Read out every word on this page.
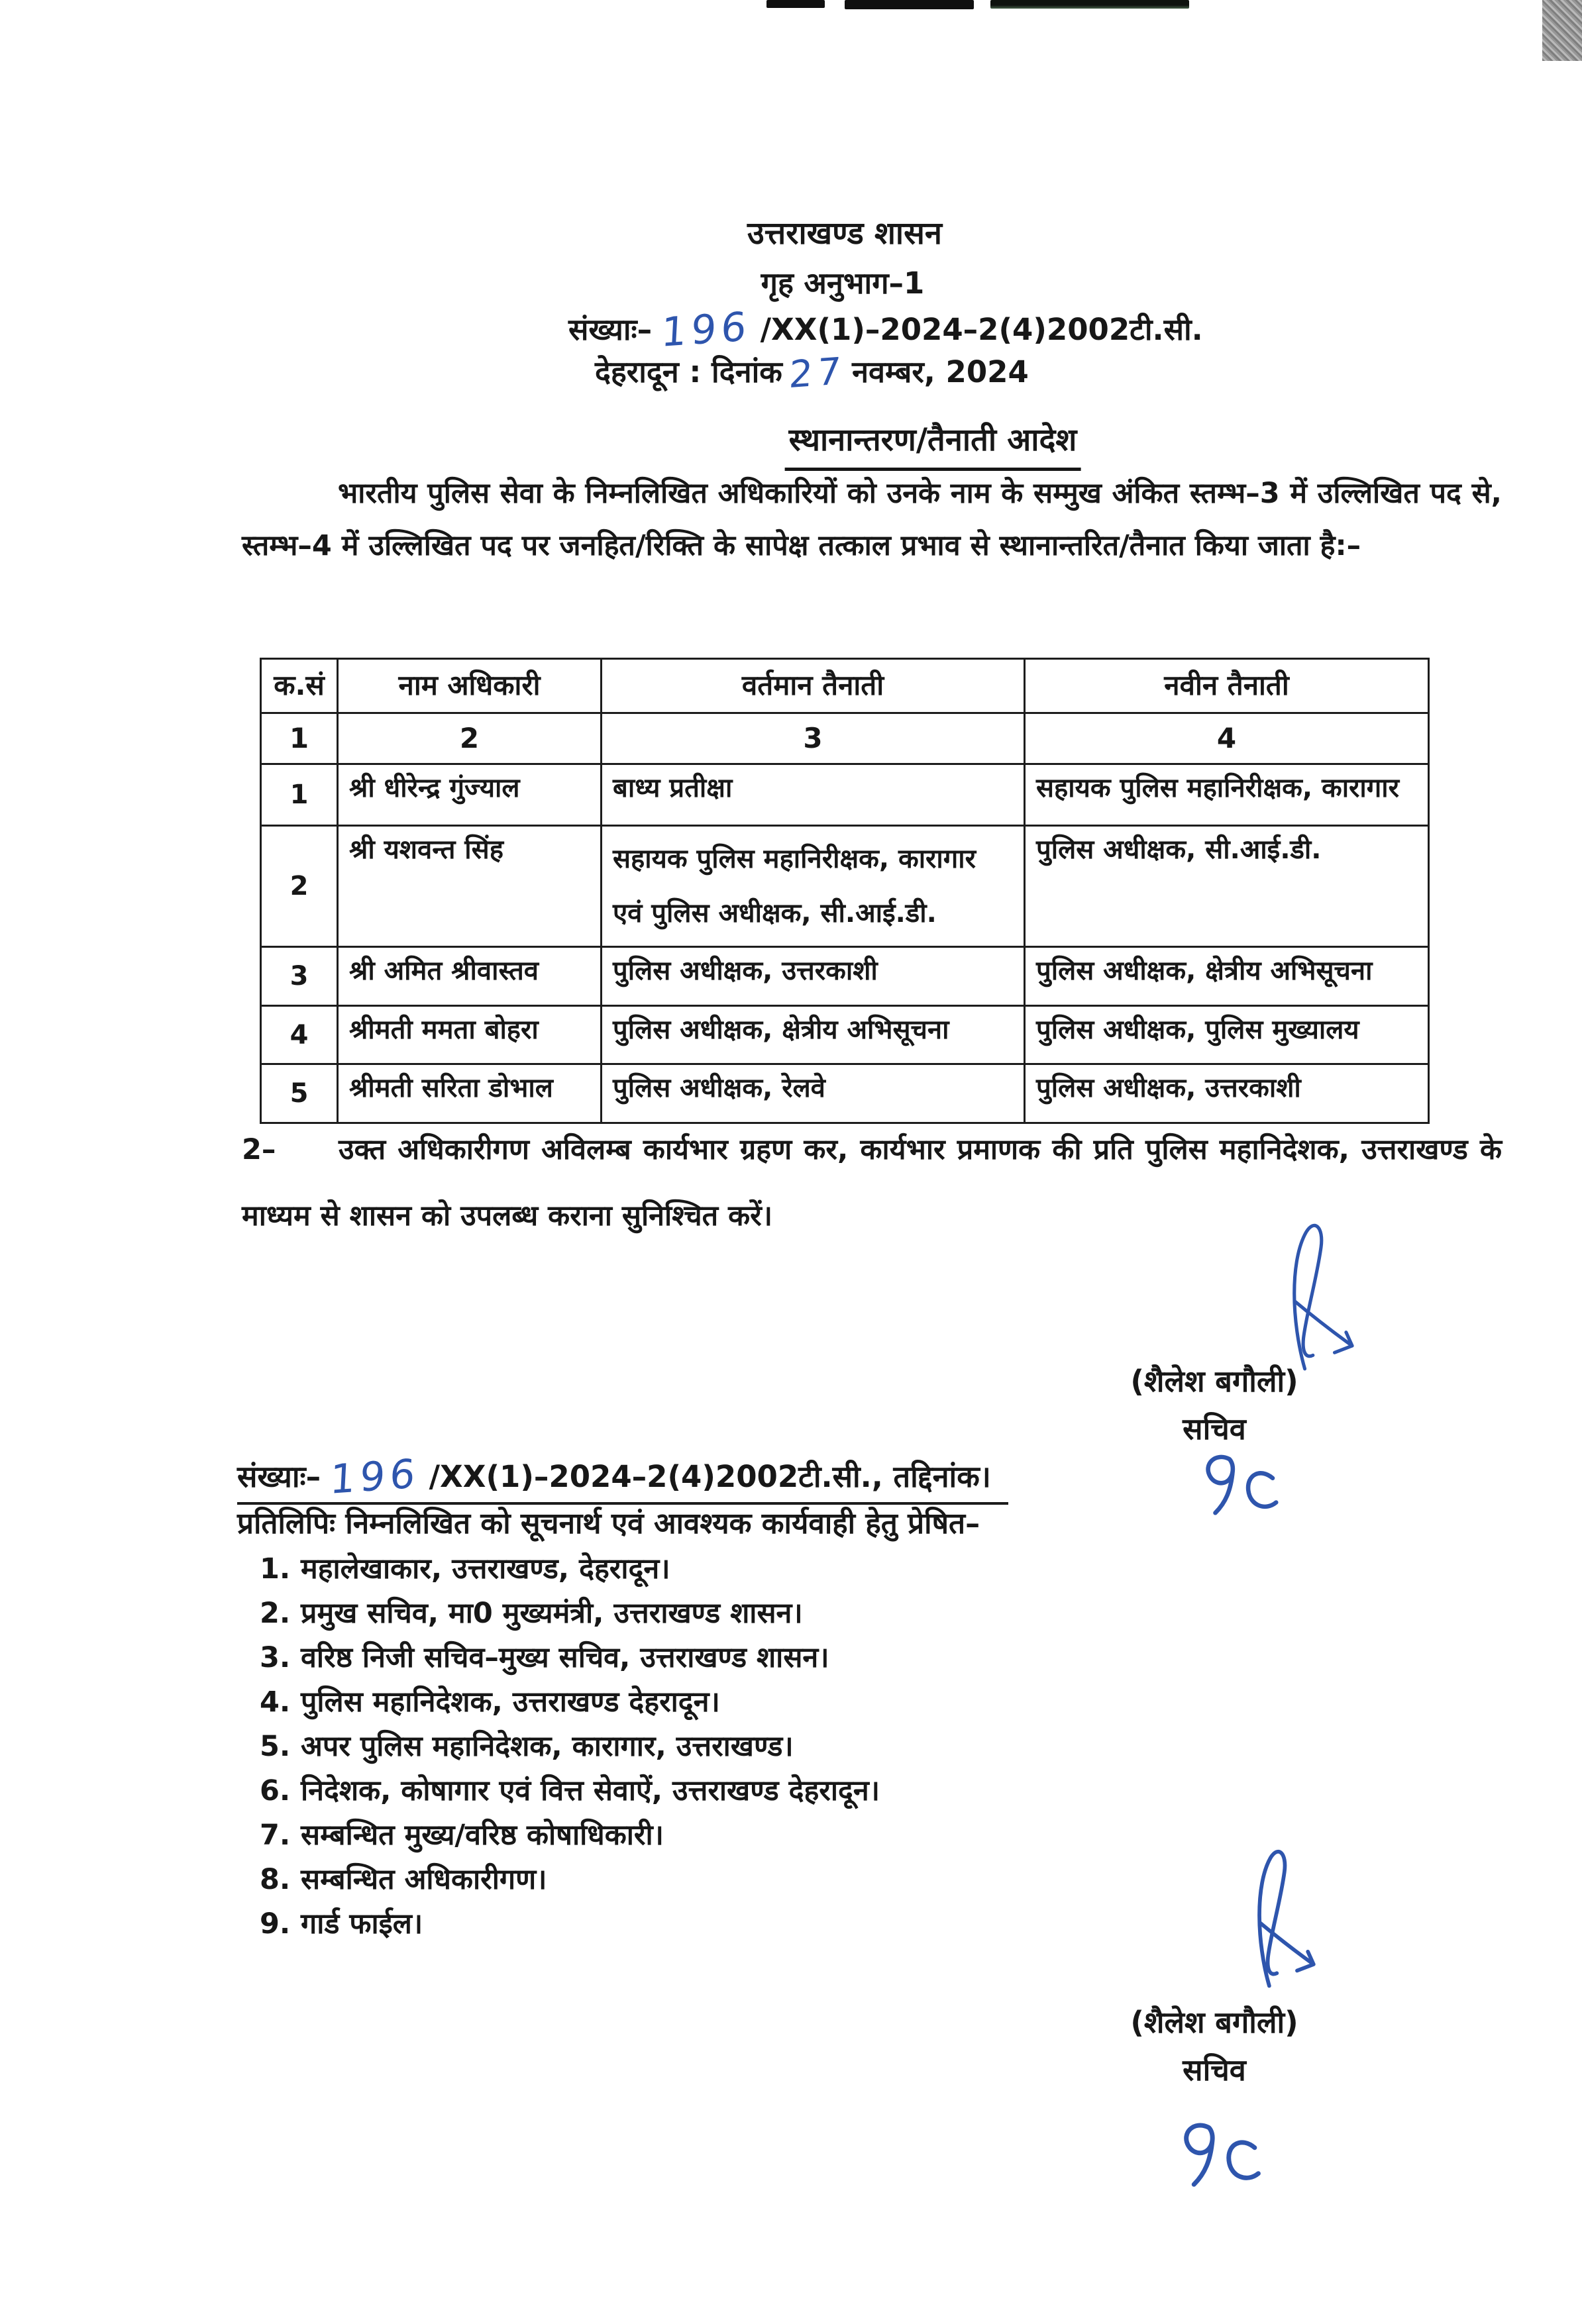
उत्तराखण्ड शासन
गृह अनुभाग–1
संख्याः– 196 /XX(1)–2024–2(4)2002टी.सी.
देहरादून : दिनांक 27 नवम्बर, 2024
स्थानान्तरण/तैनाती आदेश
भारतीय पुलिस सेवा के निम्नलिखित अधिकारियों को उनके नाम के सम्मुख अंकित स्तम्भ–3 में उल्लिखित पद से, स्तम्भ–4 में उल्लिखित पद पर जनहित/रिक्ति के सापेक्ष तत्काल प्रभाव से स्थानान्तरित/तैनात किया जाता है:–
क.सं	नाम अधिकारी	वर्तमान तैनाती	नवीन तैनाती
1	2	3	4
1	श्री धीरेन्द्र गुंज्याल	बाध्य प्रतीक्षा	सहायक पुलिस महानिरीक्षक, कारागार
2	श्री यशवन्त सिंह	सहायक पुलिस महानिरीक्षक, कारागार एवं पुलिस अधीक्षक, सी.आई.डी.	पुलिस अधीक्षक, सी.आई.डी.
3	श्री अमित श्रीवास्तव	पुलिस अधीक्षक, उत्तरकाशी	पुलिस अधीक्षक, क्षेत्रीय अभिसूचना
4	श्रीमती ममता बोहरा	पुलिस अधीक्षक, क्षेत्रीय अभिसूचना	पुलिस अधीक्षक, पुलिस मुख्यालय
5	श्रीमती सरिता डोभाल	पुलिस अधीक्षक, रेलवे	पुलिस अधीक्षक, उत्तरकाशी
2– उक्त अधिकारीगण अविलम्ब कार्यभार ग्रहण कर, कार्यभार प्रमाणक की प्रति पुलिस महानिदेशक, उत्तराखण्ड के माध्यम से शासन को उपलब्ध कराना सुनिश्चित करें।
(शैलेश बगौली)
सचिव
संख्याः– 196 /XX(1)–2024–2(4)2002टी.सी., तद्दिनांक।
प्रतिलिपिः निम्नलिखित को सूचनार्थ एवं आवश्यक कार्यवाही हेतु प्रेषित–
1. महालेखाकार, उत्तराखण्ड, देहरादून।
2. प्रमुख सचिव, मा0 मुख्यमंत्री, उत्तराखण्ड शासन।
3. वरिष्ठ निजी सचिव–मुख्य सचिव, उत्तराखण्ड शासन।
4. पुलिस महानिदेशक, उत्तराखण्ड देहरादून।
5. अपर पुलिस महानिदेशक, कारागार, उत्तराखण्ड।
6. निदेशक, कोषागार एवं वित्त सेवाऐं, उत्तराखण्ड देहरादून।
7. सम्बन्धित मुख्य/वरिष्ठ कोषाधिकारी।
8. सम्बन्धित अधिकारीगण।
9. गार्ड फाईल।
(शैलेश बगौली)
सचिव
